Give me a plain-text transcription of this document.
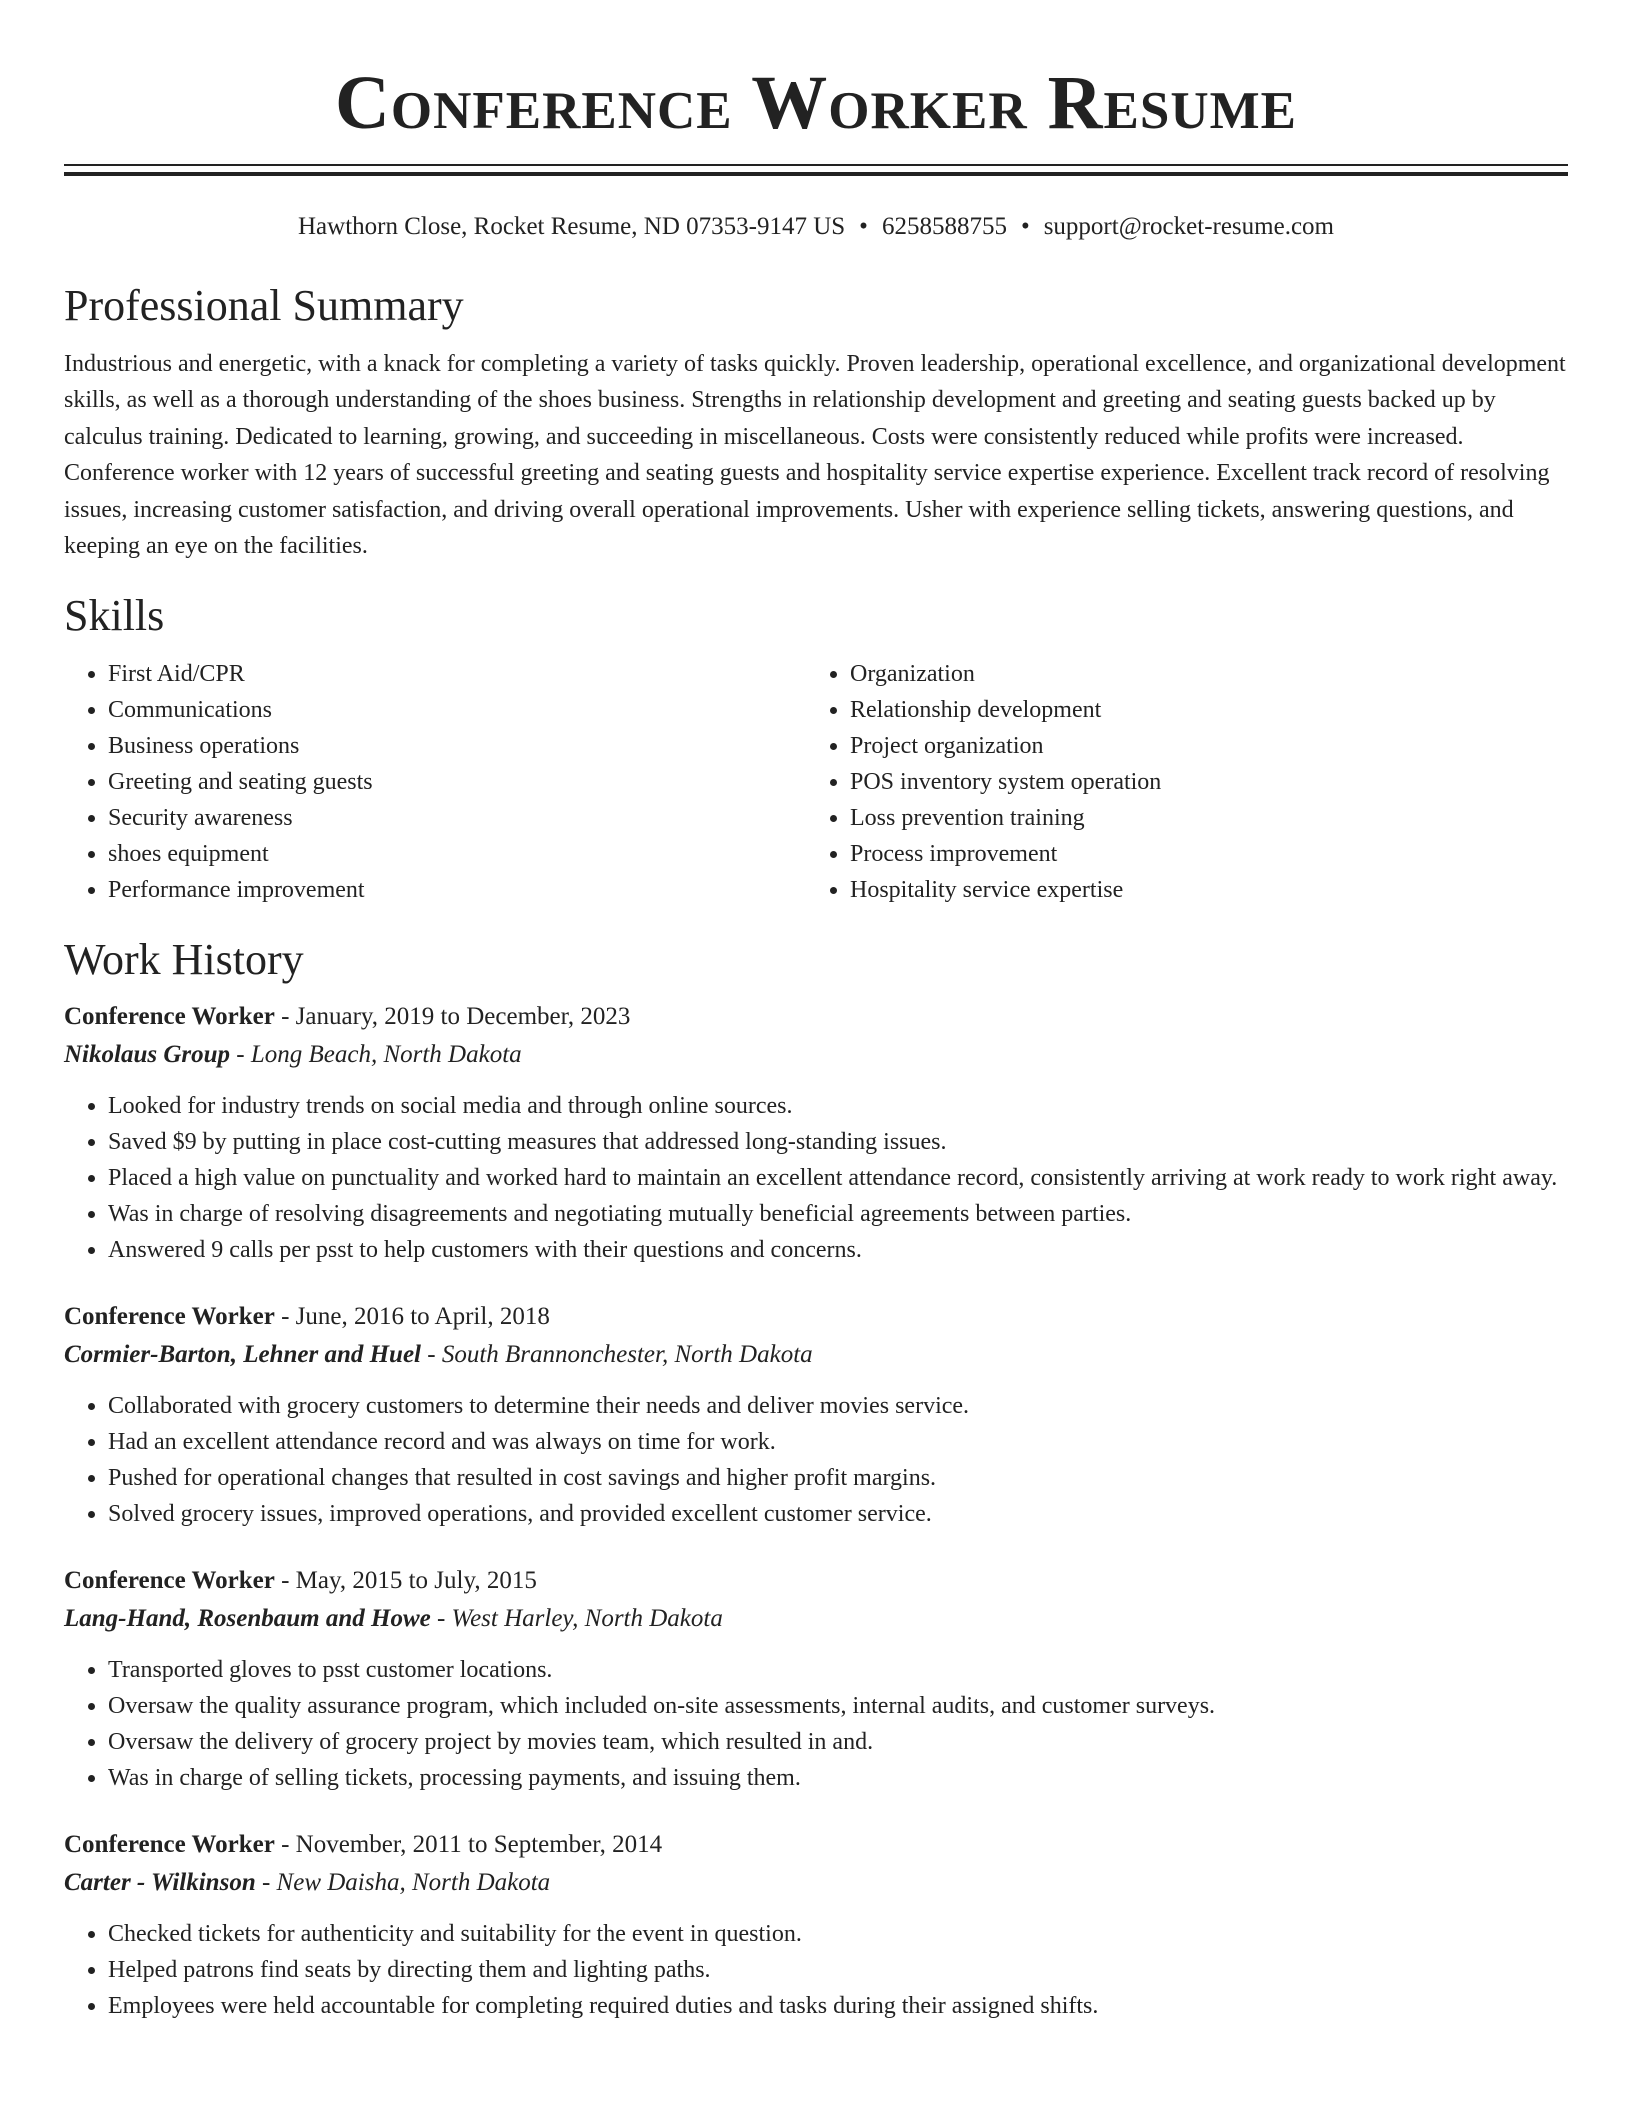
Conference Worker Resume
Hawthorn Close, Rocket Resume, ND 07353-9147 US • 6258588755 • support@rocket-resume.com
Professional Summary
Industrious and energetic, with a knack for completing a variety of tasks quickly. Proven leadership, operational excellence, and organizational development skills, as well as a thorough understanding of the shoes business. Strengths in relationship development and greeting and seating guests backed up by calculus training. Dedicated to learning, growing, and succeeding in miscellaneous. Costs were consistently reduced while profits were increased. Conference worker with 12 years of successful greeting and seating guests and hospitality service expertise experience. Excellent track record of resolving issues, increasing customer satisfaction, and driving overall operational improvements. Usher with experience selling tickets, answering questions, and keeping an eye on the facilities.
Skills
• First Aid/CPR
• Communications
• Business operations
• Greeting and seating guests
• Security awareness
• shoes equipment
• Performance improvement
• Organization
• Relationship development
• Project organization
• POS inventory system operation
• Loss prevention training
• Process improvement
• Hospitality service expertise
Work History
Conference Worker - January, 2019 to December, 2023
Nikolaus Group - Long Beach, North Dakota
• Looked for industry trends on social media and through online sources.
• Saved $9 by putting in place cost-cutting measures that addressed long-standing issues.
• Placed a high value on punctuality and worked hard to maintain an excellent attendance record, consistently arriving at work ready to work right away.
• Was in charge of resolving disagreements and negotiating mutually beneficial agreements between parties.
• Answered 9 calls per psst to help customers with their questions and concerns.
Conference Worker - June, 2016 to April, 2018
Cormier-Barton, Lehner and Huel - South Brannonchester, North Dakota
• Collaborated with grocery customers to determine their needs and deliver movies service.
• Had an excellent attendance record and was always on time for work.
• Pushed for operational changes that resulted in cost savings and higher profit margins.
• Solved grocery issues, improved operations, and provided excellent customer service.
Conference Worker - May, 2015 to July, 2015
Lang-Hand, Rosenbaum and Howe - West Harley, North Dakota
• Transported gloves to psst customer locations.
• Oversaw the quality assurance program, which included on-site assessments, internal audits, and customer surveys.
• Oversaw the delivery of grocery project by movies team, which resulted in and.
• Was in charge of selling tickets, processing payments, and issuing them.
Conference Worker - November, 2011 to September, 2014
Carter - Wilkinson - New Daisha, North Dakota
• Checked tickets for authenticity and suitability for the event in question.
• Helped patrons find seats by directing them and lighting paths.
• Employees were held accountable for completing required duties and tasks during their assigned shifts.
